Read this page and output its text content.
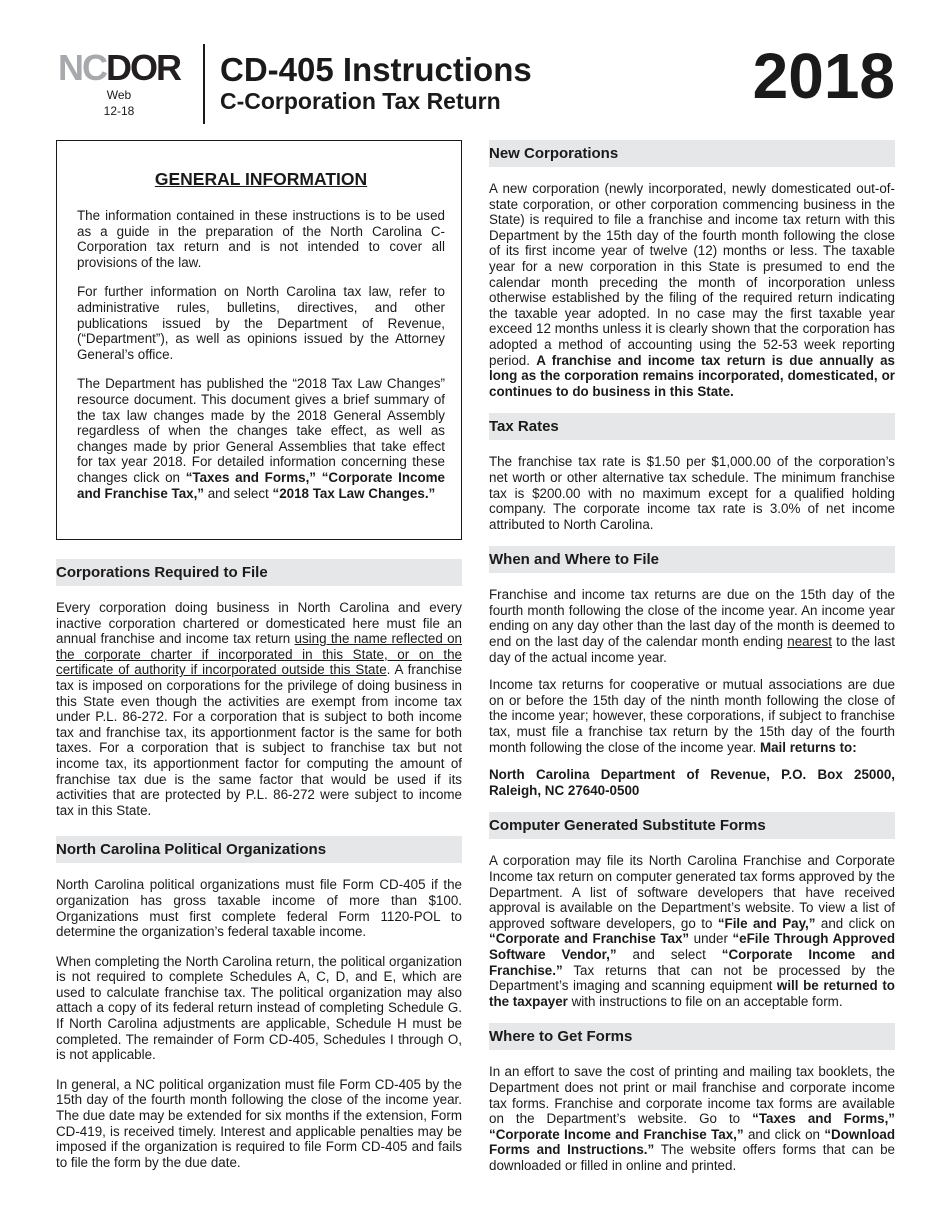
NCDOR
Web
12-18
CD-405 Instructions
C-Corporation Tax Return	2018
GENERAL INFORMATION

The information contained in these instructions is to be used as a guide in the preparation of the North Carolina C-Corporation tax return and is not intended to cover all provisions of the law.

For further information on North Carolina tax law, refer to administrative rules, bulletins, directives, and other publications issued by the Department of Revenue, (“Department”), as well as opinions issued by the Attorney General’s office.

The Department has published the “2018 Tax Law Changes” resource document. This document gives a brief summary of the tax law changes made by the 2018 General Assembly regardless of when the changes take effect, as well as changes made by prior General Assemblies that take effect for tax year 2018. For detailed information concerning these changes click on “Taxes and Forms,” “Corporate Income and Franchise Tax,” and select “2018 Tax Law Changes.”

Corporations Required to File

Every corporation doing business in North Carolina and every inactive corporation chartered or domesticated here must file an annual franchise and income tax return using the name reflected on the corporate charter if incorporated in this State, or on the certificate of authority if incorporated outside this State. A franchise tax is imposed on corporations for the privilege of doing business in this State even though the activities are exempt from income tax under P.L. 86-272. For a corporation that is subject to both income tax and franchise tax, its apportionment factor is the same for both taxes. For a corporation that is subject to franchise tax but not income tax, its apportionment factor for computing the amount of franchise tax due is the same factor that would be used if its activities that are protected by P.L. 86-272 were subject to income tax in this State.

North Carolina Political Organizations

North Carolina political organizations must file Form CD-405 if the organization has gross taxable income of more than $100. Organizations must first complete federal Form 1120-POL to determine the organization’s federal taxable income.

When completing the North Carolina return, the political organization is not required to complete Schedules A, C, D, and E, which are used to calculate franchise tax. The political organization may also attach a copy of its federal return instead of completing Schedule G. If North Carolina adjustments are applicable, Schedule H must be completed. The remainder of Form CD-405, Schedules I through O, is not applicable.

In general, a NC political organization must file Form CD-405 by the 15th day of the fourth month following the close of the income year. The due date may be extended for six months if the extension, Form CD-419, is received timely. Interest and applicable penalties may be imposed if the organization is required to file Form CD-405 and fails to file the form by the due date.

New Corporations

A new corporation (newly incorporated, newly domesticated out-of-state corporation, or other corporation commencing business in the State) is required to file a franchise and income tax return with this Department by the 15th day of the fourth month following the close of its first income year of twelve (12) months or less. The taxable year for a new corporation in this State is presumed to end the calendar month preceding the month of incorporation unless otherwise established by the filing of the required return indicating the taxable year adopted. In no case may the first taxable year exceed 12 months unless it is clearly shown that the corporation has adopted a method of accounting using the 52-53 week reporting period. A franchise and income tax return is due annually as long as the corporation remains incorporated, domesticated, or continues to do business in this State.

Tax Rates

The franchise tax rate is $1.50 per $1,000.00 of the corporation’s net worth or other alternative tax schedule. The minimum franchise tax is $200.00 with no maximum except for a qualified holding company. The corporate income tax rate is 3.0% of net income attributed to North Carolina.

When and Where to File

Franchise and income tax returns are due on the 15th day of the fourth month following the close of the income year. An income year ending on any day other than the last day of the month is deemed to end on the last day of the calendar month ending nearest to the last day of the actual income year.

Income tax returns for cooperative or mutual associations are due on or before the 15th day of the ninth month following the close of the income year; however, these corporations, if subject to franchise tax, must file a franchise tax return by the 15th day of the fourth month following the close of the income year. Mail returns to:

North Carolina Department of Revenue, P.O. Box 25000, Raleigh, NC 27640-0500

Computer Generated Substitute Forms

A corporation may file its North Carolina Franchise and Corporate Income tax return on computer generated tax forms approved by the Department. A list of software developers that have received approval is available on the Department’s website. To view a list of approved software developers, go to “File and Pay,” and click on “Corporate and Franchise Tax” under “eFile Through Approved Software Vendor,” and select “Corporate Income and Franchise.” Tax returns that can not be processed by the Department’s imaging and scanning equipment will be returned to the taxpayer with instructions to file on an acceptable form.

Where to Get Forms

In an effort to save the cost of printing and mailing tax booklets, the Department does not print or mail franchise and corporate income tax forms. Franchise and corporate income tax forms are available on the Department’s website. Go to “Taxes and Forms,” “Corporate Income and Franchise Tax,” and click on “Download Forms and Instructions.” The website offers forms that can be downloaded or filled in online and printed.
